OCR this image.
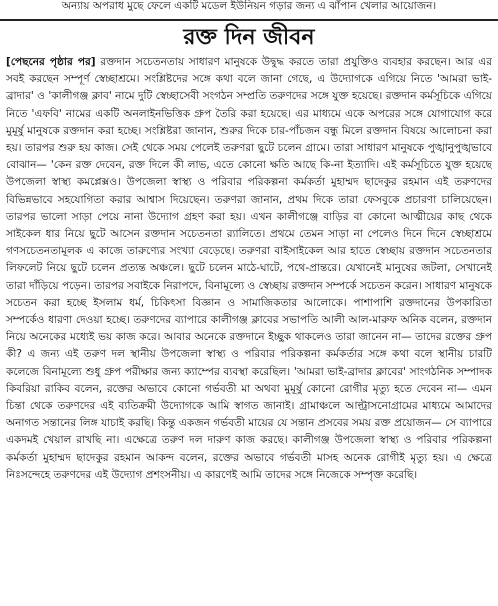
অন্যায় অপরাধ মুছে ফেলে একটি মডেল ইউনিয়ন গড়ার জন্য এ ঝাঁপান খেলার আয়োজন।
রক্ত দিন জীবন
[পেছনের পৃষ্ঠার পর] রক্তদান সচেতনতায় সাধারণ মানুষকে উদ্বুদ্ধ করতে তারা প্রযুক্তিও ব্যবহার করছেন। আর এর সবই করছেন সম্পূর্ণ স্বেচ্ছাশ্রমে। সংশ্লিষ্টদের সঙ্গে কথা বলে জানা গেছে, এ উদ্যোগকে এগিয়ে নিতে 'আমরা ভাই-ব্রাদার' ও 'কালীগঞ্জ ক্লাব' নামে দুটি স্বেচ্ছাসেবী সংগঠন সম্প্রতি তরুণদের সঙ্গে যুক্ত হয়েছে। রক্তদান কর্মসূচিকে এগিয়ে নিতে 'এফবি' নামের একটি অনলাইনভিত্তিক গ্রুপ তৈরি করা হয়েছে। এর মাধ্যমে একে অপরের সঙ্গে যোগাযোগ করে মুমূর্ষু মানুষকে রক্তদান করা হচ্ছে। সংশ্লিষ্টরা জানান, শুরুর দিকে চার-পাঁচজন বন্ধু মিলে রক্তদান বিষয়ে আলোচনা করা হয়। তারপর শুরু হয় কাজ। সেই থেকে সময় পেলেই তরুণরা ছুটে চলেন গ্রামে। তারা সাধারণ মানুষকে পুঙ্খানুপুঙ্খভাবে বোঝান— 'কেন রক্ত দেবেন, রক্ত দিলে কী লাভ, এতে কোনো ক্ষতি আছে কি-না ইত্যাদি। এই কর্মসূচিতে যুক্ত হয়েছে উপজেলা স্বাস্থ্য কমপ্লেক্সও। উপজেলা স্বাস্থ্য ও পরিবার পরিকল্পনা কর্মকর্তা মুহাম্মদ ছাদেকুর রহমান এই তরুণদের বিভিন্নভাবে সহযোগিতা করার আশ্বাস দিয়েছেন। তরুণরা জানান, প্রথম দিকে তারা ফেসবুকে প্রচারণা চালিয়েছেন। তারপর ভালো সাড়া পেয়ে নানা উদ্যোগ গ্রহণ করা হয়। এখন কালীগঞ্জে বাড়ির বা কোনো আত্মীয়ের কাছ থেকে সাইকেল ধার নিয়ে ছুটে আসেন রক্তদান সচেতনতা র‌্যালিতে। প্রথমে তেমন সাড়া না পেলেও দিনে দিনে স্বেচ্ছাশ্রমে গণসচেতনতামূলক এ কাজে তারুণ্যের সংখ্যা বেড়েছে। তরুণরা বাইসাইকেল আর হাতে স্বেচ্ছায় রক্তদান সচেতনতার লিফলেট নিয়ে ছুটে চলেন প্রত্যন্ত অঞ্চলে। ছুটে চলেন মাঠে-ঘাটে, পথে-প্রান্তরে। যেখানেই মানুষের জটলা, সেখানেই তারা দাঁড়িয়ে পড়েন। তারপর সবাইকে নিরাপদে, বিনামূল্যে ও স্বেচ্ছায় রক্তদান সম্পর্কে সচেতন করেন। সাধারণ মানুষকে সচেতন করা হচ্ছে ইসলাম ধর্ম, চিকিৎসা বিজ্ঞান ও সামাজিকতার আলোকে। পাশাপাশি রক্তদানের উপকারিতা সম্পর্কেও ধারণা দেওয়া হচ্ছে। তরুণদের ব্যাপারে কালীগঞ্জ ক্লাবের সভাপতি আলী আল-মারুফ অনিক বলেন, রক্তদান নিয়ে অনেকের মধ্যেই ভয় কাজ করে। আবার অনেকে রক্তদানে ইচ্ছুক থাকলেও তারা জানেন না— তাদের রক্তের গ্রুপ কী? এ জন্য এই তরুণ দল স্থানীয় উপজেলা স্বাস্থ্য ও পরিবার পরিকল্পনা কর্মকর্তার সঙ্গে কথা বলে স্থানীয় চারটি কলেজে বিনামূল্যে শুধু গ্রুপ পরীক্ষার জন্য ক্যাম্পের ব্যবস্থা করেছিল। 'আমরা ভাই-ব্রাদার ক্লাবের' সাংগঠনিক সম্পাদক কিবরিয়া রাকিব বলেন, রক্তের অভাবে কোনো গর্ভবতী মা অথবা মুমূর্ষু কোনো রোগীর মৃত্যু হতে দেবেন না— এমন চিন্তা থেকে তরুণদের এই ব্যতিক্রমী উদ্যোগকে আমি স্বাগত জানাই। গ্রামাঞ্চলে আল্ট্রাসনোগ্রামের মাধ্যমে আমাদের অনাগত সন্তানের লিঙ্গ যাচাই করছি। কিন্তু একজন গর্ভবতী মায়ের যে সন্তান প্রসবের সময় রক্ত প্রয়োজন— সে ব্যাপারে একদমই খেয়াল রাখছি না। এক্ষেত্রে তরুণ দল দারুণ কাজ করছে। কালীগঞ্জ উপজেলা স্বাস্থ্য ও পরিবার পরিকল্পনা কর্মকর্তা মুহাম্মদ ছাদেকুর রহমান আকন্দ বলেন, রক্তের অভাবে গর্ভবতী মাসহ অনেক রোগীই মৃত্যু হয়। এ ক্ষেত্রে নিঃসন্দেহে তরুণদের এই উদ্যোগ প্রশংসনীয়। এ কারণেই আমি তাদের সঙ্গে নিজেকে সম্পৃক্ত করেছি।
